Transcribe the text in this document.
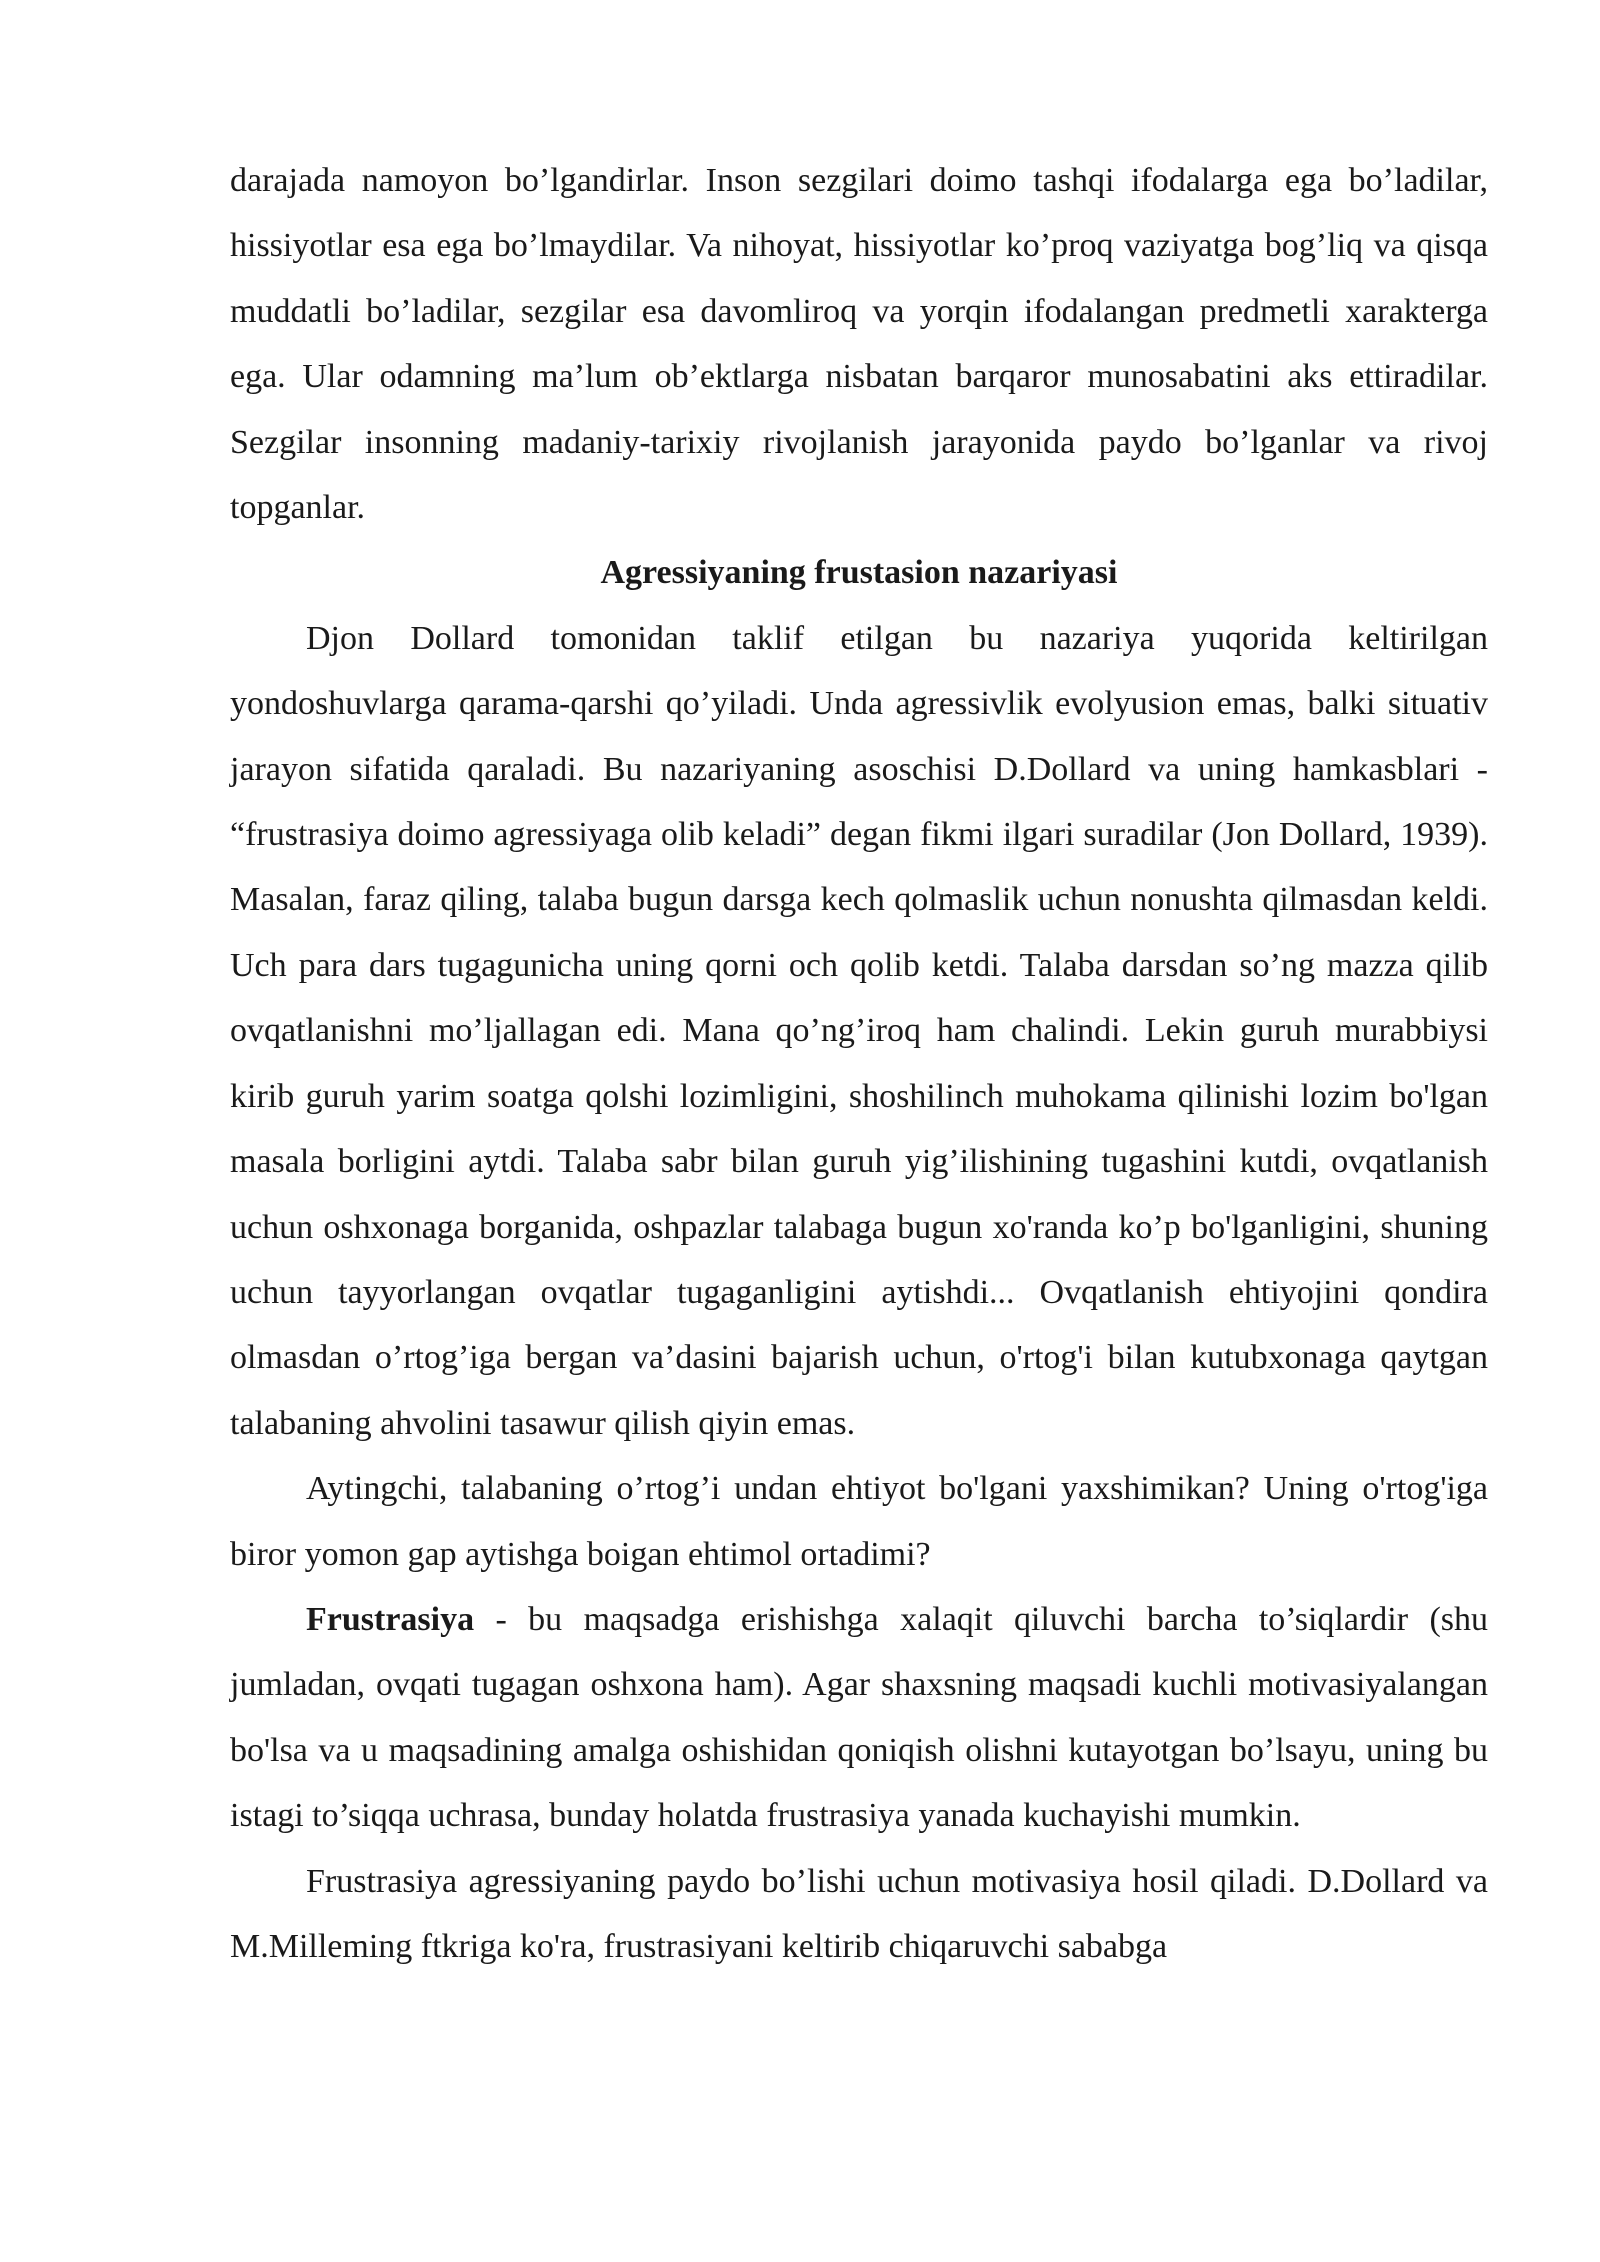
darajada namoyon bo’lgandirlar. Inson sezgilari doimo tashqi ifodalarga ega bo’ladilar, hissiyotlar esa ega bo’lmaydilar. Va nihoyat, hissiyotlar ko’proq vaziyatga bog’liq va qisqa muddatli bo’ladilar, sezgilar esa davomliroq va yorqin ifodalangan predmetli xarakterga ega. Ular odamning ma’lum ob’ektlarga nisbatan barqaror munosabatini aks ettiradilar. Sezgilar insonning madaniy-tarixiy rivojlanish jarayonida paydo bo’lganlar va rivoj topganlar.

Agressiyaning frustasion nazariyasi

Djon Dollard tomonidan taklif etilgan bu nazariya yuqorida keltirilgan yondoshuvlarga qarama-qarshi qo’yiladi. Unda agressivlik evolyusion emas, balki situativ jarayon sifatida qaraladi. Bu nazariyaning asoschisi D.Dollard va uning hamkasblari - “frustrasiya doimo agressiyaga olib keladi” degan fikmi ilgari suradilar (Jon Dollard, 1939). Masalan, faraz qiling, talaba bugun darsga kech qolmaslik uchun nonushta qilmasdan keldi. Uch para dars tugagunicha uning qorni och qolib ketdi. Talaba darsdan so’ng mazza qilib ovqatlanishni mo’ljallagan edi. Mana qo’ng’iroq ham chalindi. Lekin guruh murabbiysi kirib guruh yarim soatga qolshi lozimligini, shoshilinch muhokama qilinishi lozim bo'lgan masala borligini aytdi. Talaba sabr bilan guruh yig’ilishining tugashini kutdi, ovqatlanish uchun oshxonaga borganida, oshpazlar talabaga bugun xo'randa ko’p bo'lganligini, shuning uchun tayyorlangan ovqatlar tugaganligini aytishdi... Ovqatlanish ehtiyojini qondira olmasdan o’rtog’iga bergan va’dasini bajarish uchun, o'rtog'i bilan kutubxonaga qaytgan talabaning ahvolini tasawur qilish qiyin emas.

Aytingchi, talabaning o’rtog’i undan ehtiyot bo'lgani yaxshimikan? Uning o'rtog'iga biror yomon gap aytishga boigan ehtimol ortadimi?

Frustrasiya - bu maqsadga erishishga xalaqit qiluvchi barcha to’siqlardir (shu jumladan, ovqati tugagan oshxona ham). Agar shaxsning maqsadi kuchli motivasiyalangan bo'lsa va u maqsadining amalga oshishidan qoniqish olishni kutayotgan bo’lsayu, uning bu istagi to’siqqa uchrasa, bunday holatda frustrasiya yanada kuchayishi mumkin.

Frustrasiya agressiyaning paydo bo’lishi uchun motivasiya hosil qiladi. D.Dollard va M.Milleming ftkriga ko'ra, frustrasiyani keltirib chiqaruvchi sababga
